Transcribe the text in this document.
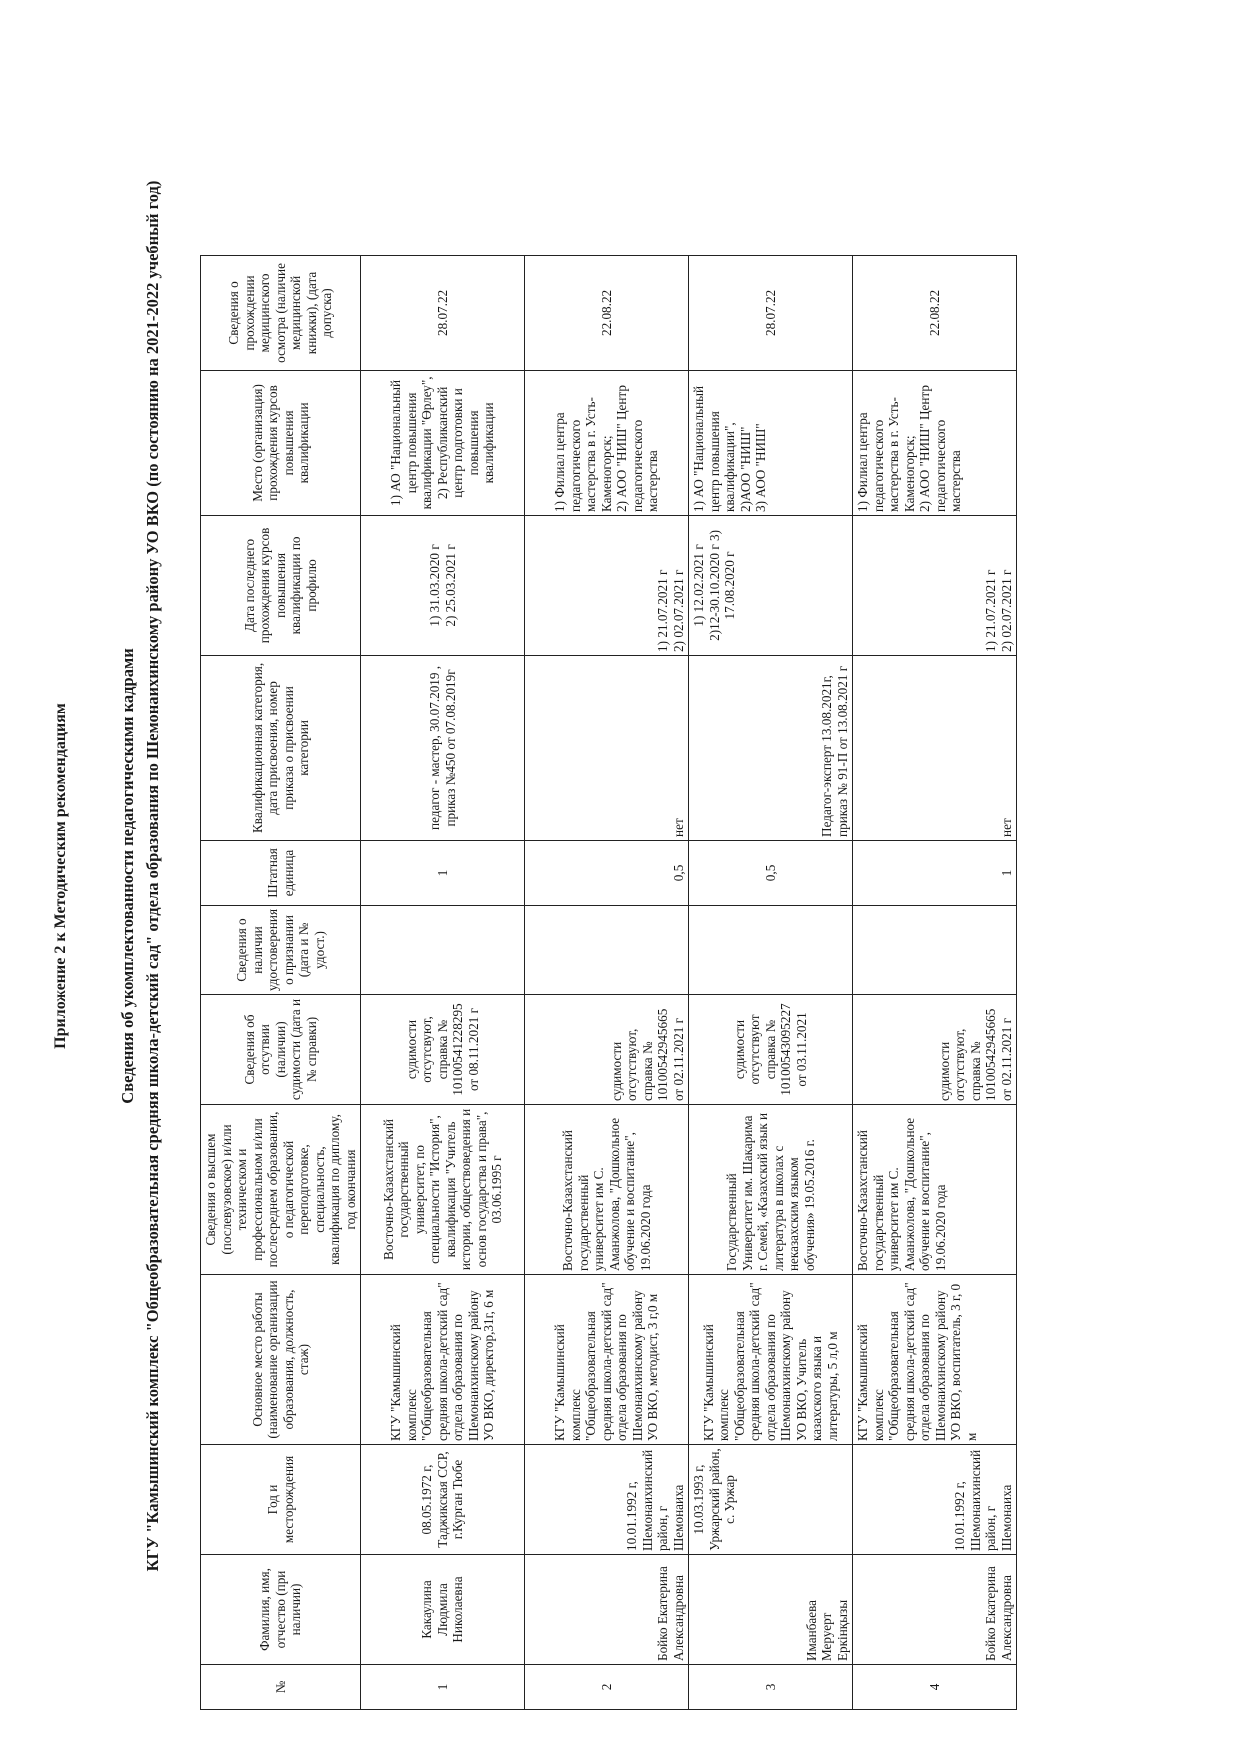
Приложение 2 к Методическим рекомендациям	Сведения об укомплектованности педагогическими кадрами КГУ "Камышинский комплекс "Общеобразовательная средняя школа-детский сад" отдела образования по Шемонаихинскому району УО ВКО (по состоянию на 2021-2022 учебный год)
№	Фамилия, имя, отчество (при наличии)	Год и месторождения	Основное место работы (наименование организации образования, должность, стаж)	Сведения о высшем (послевузовское) и/или техническом и профессиональном и/или послесреднем образовании, о педагогической переподготовке, специальность, квалификация по диплому, год окончания	Сведения об отсутвии (наличии) судимости (дата и № справки)	Сведения о наличии удостоверения о признании (дата и № удост.)	Штатная единица	Квалификационная категория, дата присвоения, номер приказа о присвоении категории	Дата последнего прохождения курсов повышения квалификации по профилю	Место (организация) прохождения курсов повышения квалификации	Сведения о прохождении медицинского осмотра (наличие медицинской книжки), (дата допуска)
1	Какаулина Людмила Николаевна	08.05.1972 г, Таджикская ССР, г.Курган Тюбе	КГУ "Камышинский комплекс "Общеобразовательная средняя школа-детский сад" отдела образования по Шемонаихинскому району УО ВКО, директор,31г, 6 м	Восточно-Казахстанский государственный университет, по специальности "История", квалификация "Учитель истории, обществоведения и основ государства и права", 03.06.1995 г	судимости отсутсвуют, справка № 10100541228295 от 08.11.2021 г		1	педагог - мастер, 30.07.2019 , приказ №450 от 07.08.2019г	1) 31.03.2020 г
2) 25.03.2021 г	1) АО "Национальный центр повышения квалификации "Өрлеу",
2) Республиканский центр подготовки и повышения квалификации	28.07.22
2	Бойко Екатерина Александровна	10.01.1992 г, Шемонаихинский район, г Шемонаиха	КГУ "Камышинский комплекс "Общеобразовательная средняя школа-детский сад" отдела образования по Шемонаихинскому району УО ВКО, методист, 3 г,0 м	Восточно-Казахстанский государственный университет им С. Аманжолова, "Дошкольное обучение и воспитание", 19.06.2020 года	судимости отсутствуют, справка № 10100542945665 от 02.11.2021 г		0,5	нет	1) 21.07.2021 г
2) 02.07.2021 г	1) Филиал центра педагогического мастерства в г. Усть-Каменогорск;
2) АОО "НИШ" Центр педагогического мастерства	22.08.22
3	Иманбаева Меруерт Еркінқызы	10.03.1993 г, Уржарский район, с. Уржар	КГУ "Камышинский комплекс "Общеобразовательная средняя школа-детский сад" отдела образования по Шемонаихинскому району УО ВКО, Учитель казахского языка и литературы, 5 л,0 м	Государственный Университет им. Шакарима г. Семей, «Казахский язык и литература в школах с неказахским языком обучения» 19.05.2016 г.	судимости отсутствуют справка № 10100543095227 от 03.11.2021		0,5	Педагог-эксперт 13.08.2021г, приказ № 91-П от 13.08.2021 г	1) 12.02.2021 г
2)12-30.10.2020 г 3) 17.08.2020 г	1) АО "Национальный центр повышения квалификации",
2)АОО "НИШ"
3) АОО "НИШ"	28.07.22
4	Бойко Екатерина Александровна	10.01.1992 г, Шемонаихинский район, г Шемонаиха	КГУ "Камышинский комплекс "Общеобразовательная средняя школа-детский сад" отдела образования по Шемонаихинскому району УО ВКО, воспитатель, 3 г, 0 м	Восточно-Казахстанский государственный университет им С. Аманжолова, "Дошкольное обучение и воспитание", 19.06.2020 года	судимости отсутствуют, справка № 10100542945665 от 02.11.2021 г		1	нет	1) 21.07.2021 г
2) 02.07.2021 г	1) Филиал центра педагогического мастерства в г. Усть-Каменогорск;
2) АОО "НИШ" Центр педагогического мастерства	22.08.22
